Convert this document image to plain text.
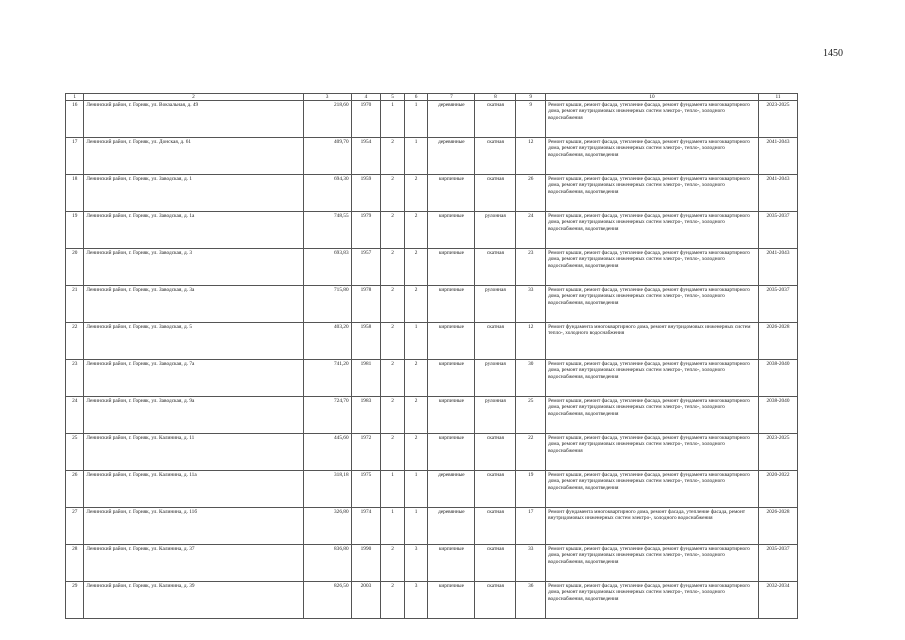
1450
1	2	3	4	5	6	7	8	9	10	11
16	Ленинский район, г. Горняк, ул. Вокзальная, д. 49	218,60	1970	1	1	деревянные	скатная	9	Ремонт крыши, ремонт фасада, утепление фасада, ремонт фундамента многоквартирного дома, ремонт внутридомовых инженерных систем электро-, тепло-, холодного водоснабжения	2023-2025
17	Ленинский район, г. Горняк, ул. Донская, д. 61	409,70	1954	2	1	деревянные	скатная	12	Ремонт крыши, ремонт фасада, утепление фасада, ремонт фундамента многоквартирного дома, ремонт внутридомовых инженерных систем электро-, тепло-, холодного водоснабжения, водоотведения	2041-2043
18	Ленинский район, г. Горняк, ул. Заводская, д. 1	694,30	1959	2	2	кирпичные	скатная	26	Ремонт крыши, ремонт фасада, утепление фасада, ремонт фундамента многоквартирного дома, ремонт внутридомовых инженерных систем электро-, тепло-, холодного водоснабжения, водоотведения	2041-2043
19	Ленинский район, г. Горняк, ул. Заводская, д. 1а	748,55	1979	2	2	кирпичные	рулонная	24	Ремонт крыши, ремонт фасада, утепление фасада, ремонт фундамента многоквартирного дома, ремонт внутридомовых инженерных систем электро-, тепло-, холодного водоснабжения, водоотведения	2035-2037
20	Ленинский район, г. Горняк, ул. Заводская, д. 3	693,83	1957	2	2	кирпичные	скатная	23	Ремонт крыши, ремонт фасада, утепление фасада, ремонт фундамента многоквартирного дома, ремонт внутридомовых инженерных систем электро-, тепло-, холодного водоснабжения, водоотведения	2041-2043
21	Ленинский район, г. Горняк, ул. Заводская, д. 3а	715,80	1978	2	2	кирпичные	рулонная	33	Ремонт крыши, ремонт фасада, утепление фасада, ремонт фундамента многоквартирного дома, ремонт внутридомовых инженерных систем электро-, тепло-, холодного водоснабжения, водоотведения	2035-2037
22	Ленинский район, г. Горняк, ул. Заводская, д. 5	403,20	1958	2	1	кирпичные	скатная	12	Ремонт фундамента многоквартирного дома, ремонт внутридомовых инженерных систем тепло-, холодного водоснабжения	2026-2028
23	Ленинский район, г. Горняк, ул. Заводская, д. 7а	741,20	1981	2	2	кирпичные	рулонная	30	Ремонт крыши, ремонт фасада, утепление фасада, ремонт фундамента многоквартирного дома, ремонт внутридомовых инженерных систем электро-, тепло-, холодного водоснабжения, водоотведения	2038-2040
24	Ленинский район, г. Горняк, ул. Заводская, д. 9а	724,70	1983	2	2	кирпичные	рулонная	25	Ремонт крыши, ремонт фасада, утепление фасада, ремонт фундамента многоквартирного дома, ремонт внутридомовых инженерных систем электро-, тепло-, холодного водоснабжения, водоотведения	2038-2040
25	Ленинский район, г. Горняк, ул. Калинина, д. 11	445,60	1972	2	2	кирпичные	скатная	22	Ремонт крыши, ремонт фасада, утепление фасада, ремонт фундамента многоквартирного дома, ремонт внутридомовых инженерных систем электро-, тепло-, холодного водоснабжения	2023-2025
26	Ленинский район, г. Горняк, ул. Калинина, д. 11а	318,18	1975	1	1	деревянные	скатная	19	Ремонт крыши, ремонт фасада, утепление фасада, ремонт фундамента многоквартирного дома, ремонт внутридомовых инженерных систем электро-, тепло-, холодного водоснабжения, водоотведения	2020-2022
27	Ленинский район, г. Горняк, ул. Калинина, д. 11б	326,80	1974	1	1	деревянные	скатная	17	Ремонт фундамента многоквартирного дома, ремонт фасада, утепление фасада, ремонт внутридомовых инженерных систем электро-, холодного водоснабжения	2026-2028
28	Ленинский район, г. Горняк, ул. Калинина, д. 37	836,80	1990	2	3	кирпичные	скатная	33	Ремонт крыши, ремонт фасада, утепление фасада, ремонт фундамента многоквартирного дома, ремонт внутридомовых инженерных систем электро-, тепло-, холодного водоснабжения, водоотведения	2035-2037
29	Ленинский район, г. Горняк, ул. Калинина, д. 39	826,50	2003	2	3	кирпичные	скатная	36	Ремонт крыши, ремонт фасада, утепление фасада, ремонт фундамента многоквартирного дома, ремонт внутридомовых инженерных систем электро-, тепло-, холодного водоснабжения, водоотведения	2032-2034
